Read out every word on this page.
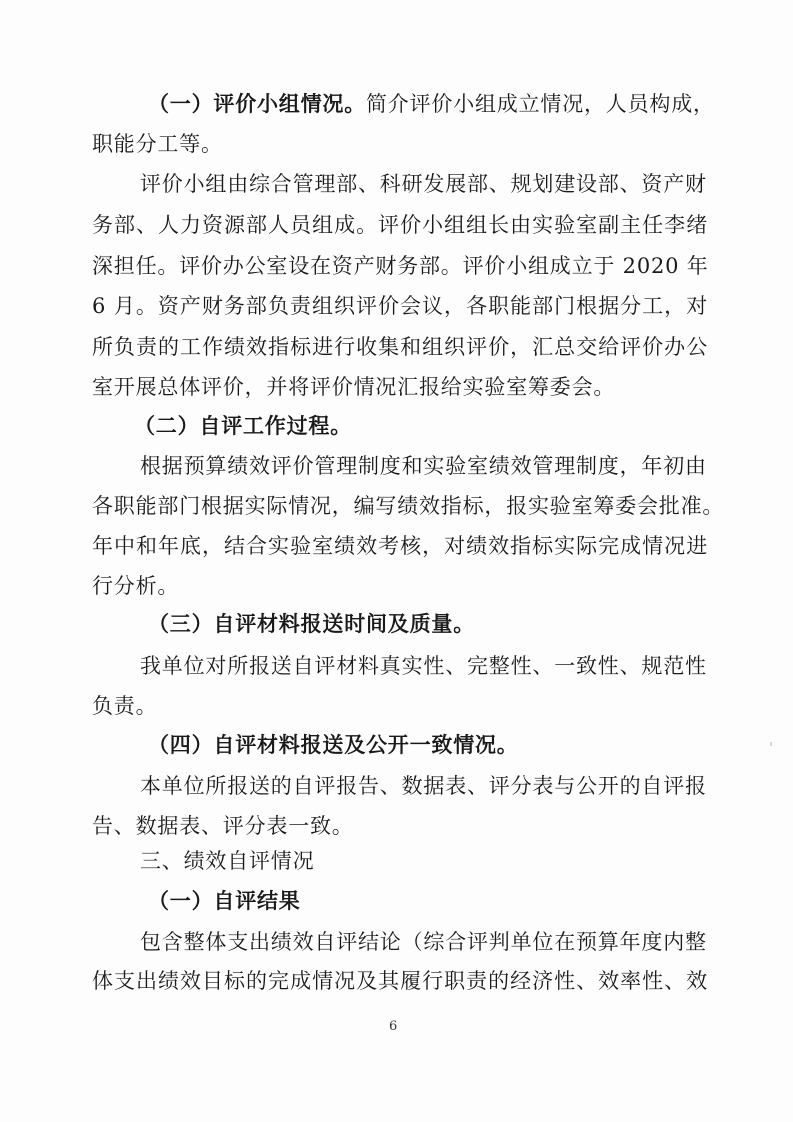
（一）评价小组情况。简介评价小组成立情况，人员构成，
职能分工等。
评价小组由综合管理部、科研发展部、规划建设部、资产财
务部、人力资源部人员组成。评价小组组长由实验室副主任李绪
深担任。评价办公室设在资产财务部。评价小组成立于 2020 年
6 月。资产财务部负责组织评价会议，各职能部门根据分工，对
所负责的工作绩效指标进行收集和组织评价，汇总交给评价办公
室开展总体评价，并将评价情况汇报给实验室筹委会。
（二）自评工作过程。
根据预算绩效评价管理制度和实验室绩效管理制度，年初由
各职能部门根据实际情况，编写绩效指标，报实验室筹委会批准。
年中和年底，结合实验室绩效考核，对绩效指标实际完成情况进
行分析。
（三）自评材料报送时间及质量。
我单位对所报送自评材料真实性、完整性、一致性、规范性
负责。
（四）自评材料报送及公开一致情况。
本单位所报送的自评报告、数据表、评分表与公开的自评报
告、数据表、评分表一致。
三、绩效自评情况
（一）自评结果
包含整体支出绩效自评结论（综合评判单位在预算年度内整
体支出绩效目标的完成情况及其履行职责的经济性、效率性、效
6
